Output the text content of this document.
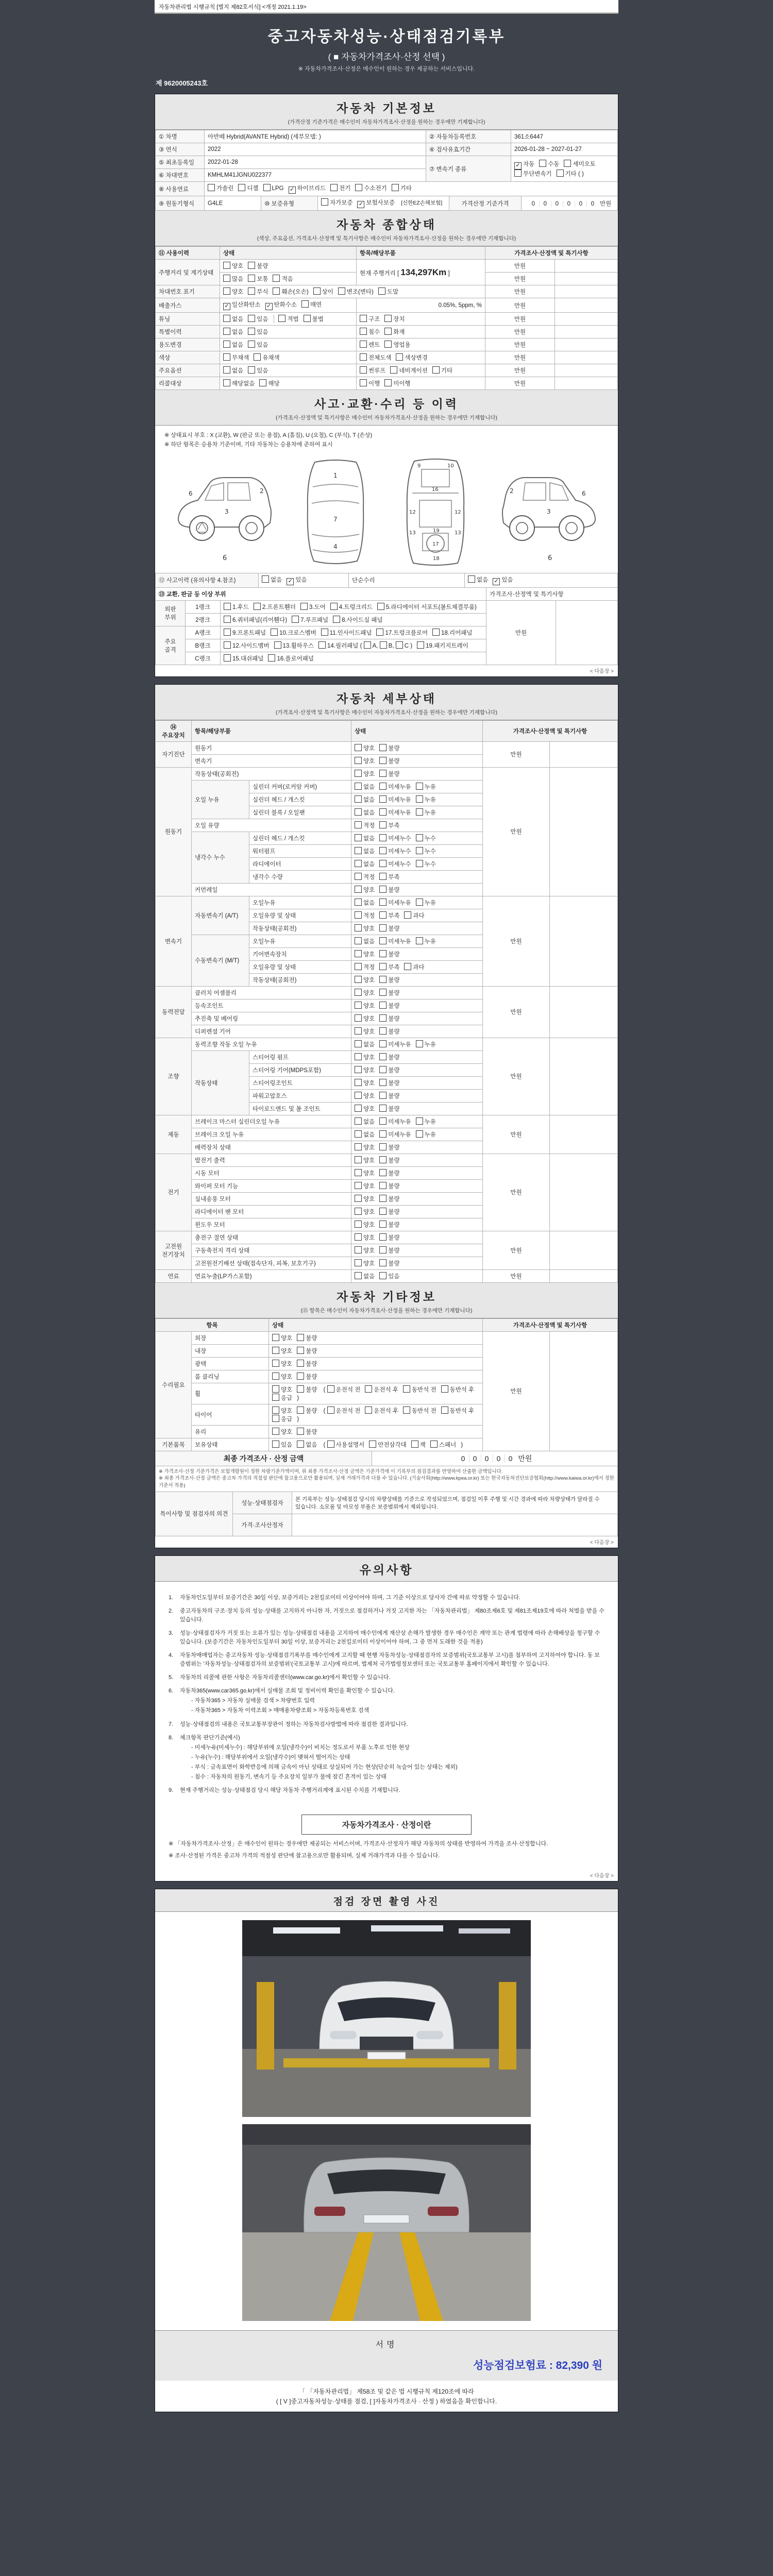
자동차관리법 시행규칙 [별지 제82호서식] <개정 2021.1.19>
중고자동차성능·상태점검기록부
( ■ 자동차가격조사·산정 선택 )
※ 자동차가격조사·산정은 매수인이 원하는 경우 제공하는 서비스입니다.
제 9620005243호
자동차 기본정보
(가격산정 기준가격은 매수인이 자동차가격조사·산정을 원하는 경우에만 기재합니다)
① 차명	아반떼 Hybrid(AVANTE Hybrid) (세부모델: )	② 자동차등록번호	361소6447
③ 연식	2022	④ 검사유효기간	2026-01-28 ~ 2027-01-27
⑤ 최초등록일	2022-01-28	⑦ 변속기 종류	✓자동 수동 세미오토
무단변속기 기타 ( )
⑥ 차대번호	KMHLM41JGNU022377		
⑧ 사용연료	가솔린 디젤 LPG ✓ 하이브리드 전기 수소전기 기타
⑨ 원동기형식	G4LE	⑩ 보증유형	자가보증 ✓ 보험사보증 [신한EZ손해보험]	가격산정 기준가격	0 0 0 0 0 0 만원
자동차 종합상태
(색상, 주요옵션, 가격조사·산정액 및 특기사항은 매수인이 자동차가격조사·산정을 원하는 경우에만 기재합니다)
⑪ 사용이력	상태	항목/해당부품	가격조사·산정액 및 특기사항	
주행거리 및 계기상태	양호 불량	현재 주행거리 [ 134,297Km ]	만원	
	많음 보통 적음		만원	
차대번호 표기	양호 부식 훼손(오손) 상이 변조(변타) 도말		만원	
배출가스	✓일산화탄소 ✓ 탄화수소 매연	0.05%, 5ppm, %	만원	
튜닝	없음 있음 적법 불법	구조 장치	만원	
특별이력	없음 있음	침수 화재	만원	
용도변경	없음 있음	렌트 영업용	만원	
색상	무채색 유채색	전체도색 색상변경	만원	
주요옵션	없음 있음	썬루프 네비게이션 기타	만원	
리콜대상	해당없음 해당	이행 미이행	만원	
사고·교환·수리 등 이력
(가격조사·산정액 및 특기사항은 매수인이 자동차가격조사·산정을 원하는 경우에만 기재합니다)
※ 상태표시 부호 : X (교환), W (판금 또는 용접), A (흠집), U (요철), C (부식), T (손상)
※ 하단 항목은 승용차 기준이며, 기타 자동차는 승용차에 준하여 표시
3
2
6
6
1
7
4
9	10
16
12	12
13	13
19
17
18
3
2	6
6
⑫ 사고이력 (유의사항 4.참조)	없음 ✓ 있음	단순수리	없음 ✓ 있음
⑬ 교환, 판금 등 이상 부위			가격조사·산정액 및 특기사항	
외판 부위	1랭크	1.후드 2.프론트휀더 3.도어 4.트렁크리드 5.라디에이터 서포트(볼트체결부품)	만원	
	2랭크	6.쿼터패널(리어휀다) 7.루프패널 8.사이드실 패널		
주요 골격	A랭크	9.프론트패널 10.크로스멤버 11.인사이드패널 17.트렁크플로어 18.리어패널		
	B랭크	12.사이드멤버 13.휠하우스 14.필러패널 ( A, B, C ) 19.패키지트레이		
	C랭크	15.대쉬패널 16.플로어패널		
< 다음장 >
자동차 세부상태
(가격조사·산정액 및 특기사항은 매수인이 자동차가격조사·산정을 원하는 경우에만 기재합니다)
⑭ 주요장치	항목/해당부품		상태	가격조사·산정액 및 특기사항	
자기진단	원동기		양호 불량	만원	
	변속기		양호 불량		
원동기	작동상태(공회전)		양호 불량	만원	
	오일 누유	실린더 커버(로커암 커버)	없음 미세누유 누유		
		실린더 헤드 / 개스킷	없음 미세누유 누유		
		실린더 블록 / 오일팬	없음 미세누유 누유		
	오일 유량		적정 부족		
	냉각수 누수	실린더 헤드 / 개스킷	없음 미세누수 누수		
		워터펌프	없음 미세누수 누수		
		라디에이터	없음 미세누수 누수		
		냉각수 수량	적정 부족		
	커먼레일		양호 불량		
변속기	자동변속기 (A/T)	오일누유	없음 미세누유 누유	만원	
		오일유량 및 상태	적정 부족 과다		
		작동상태(공회전)	양호 불량		
	수동변속기 (M/T)	오일누유	없음 미세누유 누유		
		기어변속장치	양호 불량		
		오일유량 및 상태	적정 부족 과다		
		작동상태(공회전)	양호 불량		
동력전달	클러치 어셈블리		양호 불량	만원	
	등속조인트		양호 불량		
	추진축 및 베어링		양호 불량		
	디퍼렌셜 기어		양호 불량		
조향	동력조향 작동 오일 누유		없음 미세누유 누유	만원	
	작동상태	스티어링 펌프	양호 불량		
		스티어링 기어(MDPS포함)	양호 불량		
		스티어링조인트	양호 불량		
		파워고압호스	양호 불량		
		타이로드엔드 및 볼 조인트	양호 불량		
제동	브레이크 마스터 실린더오일 누유		없음 미세누유 누유	만원	
	브레이크 오일 누유		없음 미세누유 누유		
	배력장치 상태		양호 불량		
전기	발전기 출력		양호 불량	만원	
	시동 모터		양호 불량		
	와이퍼 모터 기능		양호 불량		
	실내송풍 모터		양호 불량		
	라디에이터 팬 모터		양호 불량		
	윈도우 모터		양호 불량		
고전원 전기장치	충전구 절연 상태		양호 불량	만원	
	구동축전지 격리 상태		양호 불량		
	고전원전기배선 상태(접속단자, 피복, 보호기구)		양호 불량		
연료	연료누출(LP가스포함)		없음 있음	만원	
자동차 기타정보
(⑮ 항목은 매수인이 자동차가격조사·산정을 원하는 경우에만 기재합니다)
항목		상태	가격조사·산정액 및 특기사항	
수리필요	외장	양호 불량	만원	
	내장	양호 불량		
	광택	양호 불량		
	룸 클리닝	양호 불량		
	휠	양호 불량 ( 운전석 전 운전석 후 동반석 전 동반석 후응급 )		
	타이어	양호 불량 ( 운전석 전 운전석 후 동반석 전 동반석 후응급 )		
	유리	양호 불량		
기본품목	보유상태	있음 없음 ( 사용설명서 안전삼각대 잭 스패너 )		
최종 가격조사 · 산정 금액	0 0 0 0 0 만원

※ 가격조사·산정 기준가격은 보험개발원이 정한 차량기준가액이며, 위 최종 가격조사·산정 금액은 기준가격에 이 기록부의 점검결과를 반영하여 산출한 금액입니다.
※ 최종 가격조사·산정 금액은 중고차 가격의 적절성 판단에 참고용으로만 활용되며, 실제 거래가격과 다를 수 있습니다. (기술사회(http://www.kpea.or.kr) 또는 한국자동차진단보증협회(http://www.kaiwa.or.kr)에서 정한 기준서 적용)
특이사항 및 점검자의 의견	성능·상태점검자	본 기록부는 성능·상태점검 당시의 차량상태를 기준으로 작성되었으며, 점검일 이후 주행 및 시간 경과에 따라 차량상태가 달라질 수 있습니다. 소모품 및 마모성 부품은 보증범위에서 제외됩니다.
	가격·조사산정자	
< 다음장 >
유의사항
1.	자동차인도일부터 보증기간은 30일 이상, 보증거리는 2천킬로미터 이상이어야 하며, 그 기준 이상으로 당사자 간에 따로 약정할 수 있습니다.
2.	중고자동차의 구조·장치 등의 성능·상태를 고지하지 아니한 자, 거짓으로 점검하거나 거짓 고지한 자는 「자동차관리법」 제80조제6호 및 제81조제19호에 따라 처벌을 받을 수 있습니다.
3.	성능·상태점검자가 거짓 또는 오류가 있는 성능·상태점검 내용을 고지하여 매수인에게 재산상 손해가 발생한 경우 매수인은 계약 또는 관계 법령에 따라 손해배상을 청구할 수 있습니다. (보증기간은 자동차인도일부터 30일 이상, 보증거리는 2천킬로미터 이상이어야 하며, 그 중 먼저 도래한 것을 적용)
4.	자동차매매업자는 중고자동차 성능·상태점검기록부를 매수인에게 고지할 때 현행 자동차성능·상태점검자의 보증범위(국토교통부 고시)를 첨부하여 고지하여야 합니다. 동 보증범위는 '자동차성능·상태점검자의 보증범위'(국토교통부 고시)에 따르며, 법제처 국가법령정보센터 또는 국토교통부 홈페이지에서 확인할 수 있습니다.
5.	자동차의 리콜에 관한 사항은 자동차리콜센터(www.car.go.kr)에서 확인할 수 있습니다.
6.	자동차365(www.car365.go.kr)에서 실매물 조회 및 정비이력 확인을 확인할 수 있습니다.
- 자동차365 > 자동차 실매물 검색 > 차량번호 입력
- 자동차365 > 자동차 이력조회 > 매매용차량조회 > 자동차등록번호 검색
7.	성능·상태점검의 내용은 국토교통부장관이 정하는 자동차검사방법에 따라 점검한 결과입니다.
8.	체크항목 판단기준(예시)
- 미세누유(미세누수) : 해당부위에 오일(냉각수)이 비치는 정도로서 부품 노후로 인한 현상
- 누유(누수) : 해당부위에서 오일(냉각수)이 맺혀서 떨어지는 상태
- 부식 : 금속표면이 화학반응에 의해 금속이 아닌 상태로 상실되어 가는 현상(단순히 녹슬어 있는 상태는 제외)
- 침수 : 자동차의 원동기, 변속기 등 주요장치 일부가 물에 잠긴 흔적이 있는 상태
9.	현재 주행거리는 성능·상태점검 당시 해당 자동차 주행거리계에 표시된 수치를 기재합니다.
자동차가격조사 · 산정이란
※ 「자동차가격조사·산정」은 매수인이 원하는 경우에만 제공되는 서비스이며, 가격조사·산정자가 해당 자동차의 상태를 반영하여 가격을 조사·산정합니다.
※ 조사·산정된 가격은 중고차 가격의 적절성 판단에 참고용으로만 활용되며, 실제 거래가격과 다를 수 있습니다.
< 다음장 >
점검 장면 촬영 사진
서명
성능점검보험료 : 82,390 원
「 「자동차관리법」 제58조 및 같은 법 시행규칙 제120조에 따라
( [ V ]중고자동차성능·상태를 점검, [ ]자동차가격조사 · 산정 ) 하였음을 확인합니다.
